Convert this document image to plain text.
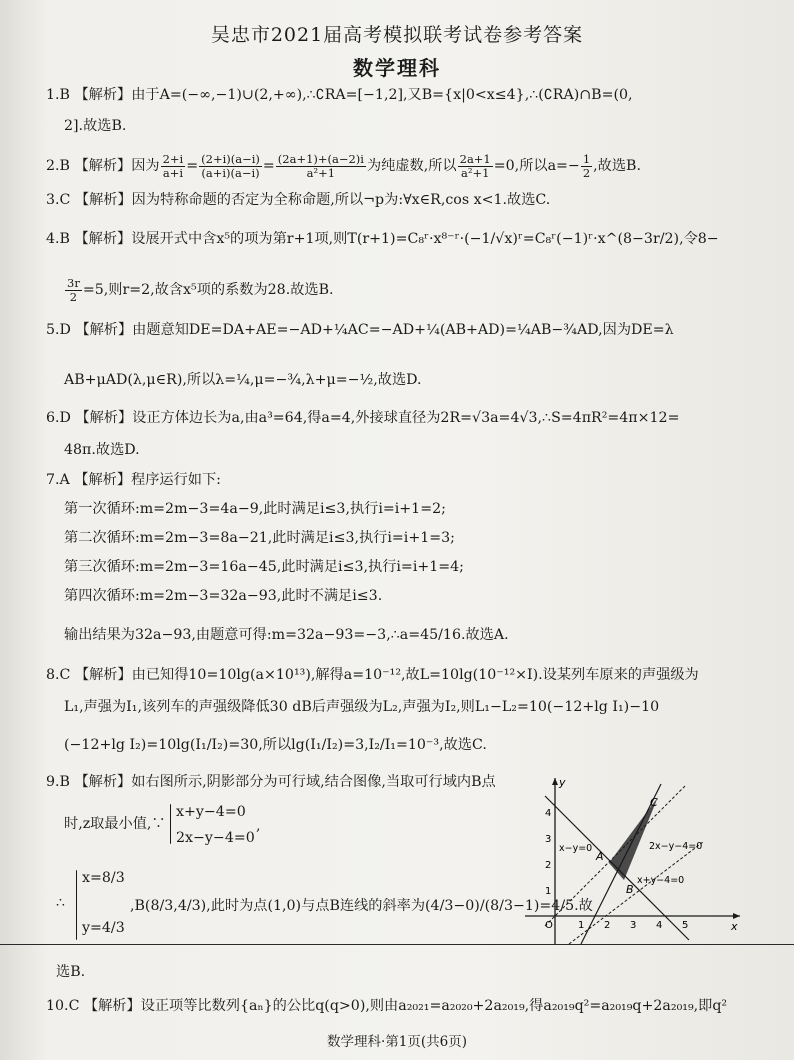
吴忠市2021届高考模拟联考试卷参考答案
数学理科
1.B 【解析】由于A=(−∞,−1)∪(2,+∞),∴∁RA=[−1,2],又B={x|0<x≤4},∴(∁RA)∩B=(0,
2].故选B.
2.B 【解析】因为 $\frac{2+i}{a+i} = \frac{(2+i)(a-i)}{(a+i)(a-i)} = \frac{(2a+1)+(a-2)i}{\text{a²+1}}$ 为纯虚数,所以 $\frac{2a+1}{\text{a²+1}} =0$,所以$a=- \frac{1}{2}$ ,故选B.
3.C 【解析】因为特称命题的否定为全称命题,所以¬p为:∀x∈R,cos x<1.故选C.
4.B 【解析】设展开式中含x⁵的项为第r+1项,则T(r+1)=C₈ʳ·x⁸⁻ʳ·(−1/√x)ʳ=C₈ʳ(−1)ʳ·x^(8−3r/2),令8−
$\frac{3r}{2} =5$,则r=2,故含x⁵项的系数为28.故选B.
5.D 【解析】由题意知DE=DA+AE=−AD+¼AC=−AD+¼(AB+AD)=¼AB−¾AD,因为DE=λ
AB+μAD(λ,μ∈R),所以λ=¼,μ=−¾,λ+μ=−½,故选D.
6.D 【解析】设正方体边长为a,由a³=64,得a=4,外接球直径为2R=√3a=4√3,∴S=4πR²=4π×12=
48π.故选D.
7.A 【解析】程序运行如下:
第一次循环:m=2m−3=4a−9,此时满足i≤3,执行i=i+1=2;
第二次循环:m=2m−3=8a−21,此时满足i≤3,执行i=i+1=3;
第三次循环:m=2m−3=16a−45,此时满足i≤3,执行i=i+1=4;
第四次循环:m=2m−3=32a−93,此时不满足i≤3.
输出结果为32a−93,由题意可得:m=32a−93=−3,∴a=45/16.故选A.
8.C 【解析】由已知得10=10lg(a×10¹³),解得a=10⁻¹²,故L=10lg(10⁻¹²×I).设某列车原来的声强级为
L₁,声强为I₁,该列车的声强级降低30 dB后声强级为L₂,声强为I₂,则L₁−L₂=10(−12+lg I₁)−10
(−12+lg I₂)=10lg(I₁/I₂)=30,所以lg(I₁/I₂)=3,I₂/I₁=10⁻³,故选C.
9.B 【解析】如右图所示,阴影部分为可行域,结合图像,当取可行域内B点
时,z取最小值,∵
x+y−4=0
2x−y−4=0
,
∴
x=8/3
y=4/3
,B(8/3,4/3),此时为点(1,0)与点B连线的斜率为(4/3−0)/(8/3−1)=4/5.故
y
x
O	1 2 3 4 5
1
2
3
4
A
B
C
x−y=0	2x−y−4=0
x+y−4=0
选B.
10.C 【解析】设正项等比数列{aₙ}的公比q(q>0),则由a₂₀₂₁=a₂₀₂₀+2a₂₀₁₉,得a₂₀₁₉q²=a₂₀₁₉q+2a₂₀₁₉,即q²
数学理科·第1页(共6页)
